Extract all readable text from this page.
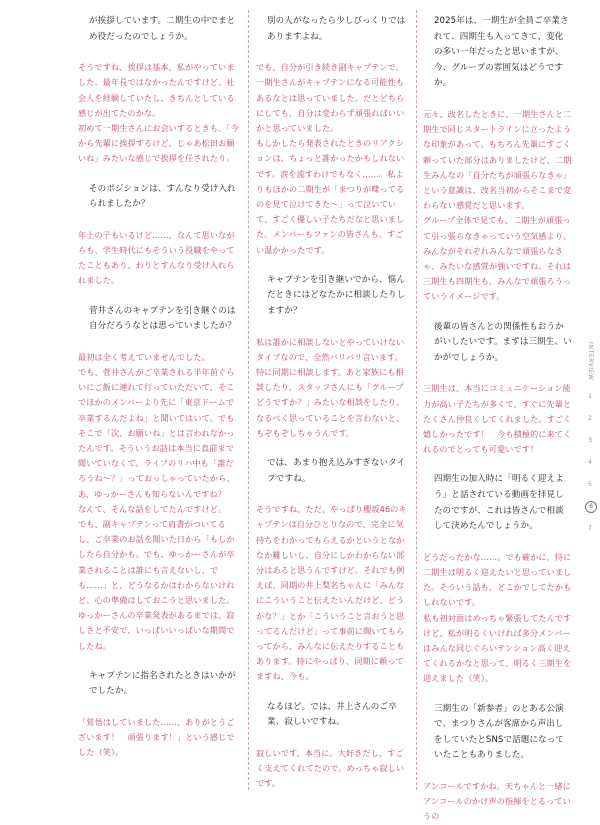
が挨拶しています。二期生の中でまとめ役だったのでしょうか。

そうですね、挨拶は基本、私がやっていました。最年長ではなかったんですけど、社会人を経験していたし、きちんとしている感じが出てたのかな。

初めて一期生さんにお会いするときも、「今から先輩に挨拶するけど、じゃあ松田お願いね」みたいな感じで挨拶を任されたり。

そのポジションは、すんなり受け入れられましたか？

年上の子もいるけど……、なんて思いながらも、学生時代にもそういう役職をやってたこともあり、わりとすんなり受け入れられました。

菅井さんのキャプテンを引き継ぐのは自分だろうなとは思っていましたか？

最初は全く考えていませんでした。

でも、菅井さんがご卒業される半年前ぐらいにご飯に連れて行っていただいて、そこでほかのメンバーより先に「東京ドームで卒業するんだよね」と聞いてはいて。でもそこで「次、お願いね」とは言われなかったんです。そういうお話は本当に直前まで聞いていなくて。ライブのリハ中も「誰だろうね〜？」っておっしゃっていたから、あ、ゆっかーさんも知らないんですね？　なんて、そんな話をしてたんですけど。

でも、副キャプテンって肩書がついてるし、ご卒業のお話を聞いた日から「もしかしたら自分かも。でも、ゆっかーさんが卒業されることは誰にも言えないし、でも……」と、どうなるかはわからないけれど、心の準備はしておこうと思いました。ゆっかーさんの卒業発表があるまでは、寂しさと不安で、いっぱいいっぱいな期間でしたね。

キャプテンに指名されたときはいかがでしたか。

「覚悟はしていました……、ありがとうございます！　頑張ります！」という感じでした（笑）。

別の人がなったら少しびっくりではありますよね。

でも、自分が引き続き副キャプテンで、一期生さんがキャプテンになる可能性もあるなとは思っていました。だとどちらにしても、自分は変わらず頑張ればいいかと思っていました。

もしかしたら発表されたときのリアクションは、ちょっと誰かったかもしれないです。涙を流すわけでもなく……。私よりもほかの二期生が「まつりが喋ってるのを見て泣けてきた〜」って泣いていて、すごく優しい子たちだなと思いました。メンバーもファンの皆さんも、すごい温かかったです。

キャプテンを引き継いでから、悩んだときにはどなたかに相談したりしますか？

私は誰かに相談しないとやっていけないタイプなので、全然バリバリ言います。

特に同期に相談します。あと家族にも相談したり、スタッフさんにも「グループどうですか？」みたいな相談をしたり。なるべく思っていることを言わないと、もぞもぞしちゃうんです。

では、あまり抱え込みすぎないタイプですね。

そうですね。ただ、やっぱり櫻坂46のキャプテンは自分ひとりなので、完全に気持ちをわかってもらえるかというとなかなか難しいし、自分にしかわからない部分はあると思うんですけど。それでも例えば、同期の井上梨名ちゃんに「みんなにこういうこと伝えたいんだけど、どうかな？」とか「こういうこと言おうと思ってるんだけど」って事前に聞いてもらってから、みんなに伝えたりすることもあります。特にやっぱり、同期に頼ってますね、今も。

なるほど。では、井上さんのご卒業、寂しいですね。

寂しいです、本当に。大好きだし、すごく支えてくれてたので。めっちゃ寂しいです。

2025年は、一期生が全員ご卒業されて、四期生も入ってきて、変化の多い一年だったと思いますが、今、グループの雰囲気はどうですか。

元々、改名したときに、一期生さんと二期生で同じスタートラインに立ったような印象があって。もちろん先輩にすごく頼っていた部分はありましたけど、二期生みんなの「自分たちが頑張らなきゃ」という意識は、改名当初からそこまで変わらない感覚だと思います。

グループ全体で見ても、二期生が頑張って引っ張らなきゃっていう空気感より、みんながそれぞれみんなで頑張らなきゃ、みたいな感覚が強いですね。それは三期生も四期生も、みんなで頑張ろうっていうイメージです。

後輩の皆さんとの関係性もおうかがいしたいです。まずは三期生、いかがでしょうか。

三期生は、本当にコミュニケーション能力が高い子たちが多くて、すぐに先輩とたくさん仲良くしてくれました。すごく嬉しかったです！　今も積極的に来てくれるのでとっても可愛いです！

四期生の加入時に「明るく迎えよう」と話されている動画を拝見したのですが、これは皆さんで相談して決めたんでしょうか。

どうだったかな……。でも確かに、特に二期生は明るく迎えたいと思っていました。そういう話も、どこかでしてたかもしれないです。

私も初対面はめっちゃ緊張してたんですけど、私が明るくいければ多分メンバーはみんな同じぐらいテンション高く迎えてくれるかなと思って、明るく三期生を迎えました（笑）。

三期生の「新参者」のとある公演で、まつりさんが客席から声出しをしていたとSNSで話題になっていたこともありました。

アンコールですかね。天ちゃんと一緒にアンコールのかけ声の指揮をとるっていうの

INTERVIEW
1
2
3
4
5
6
7
